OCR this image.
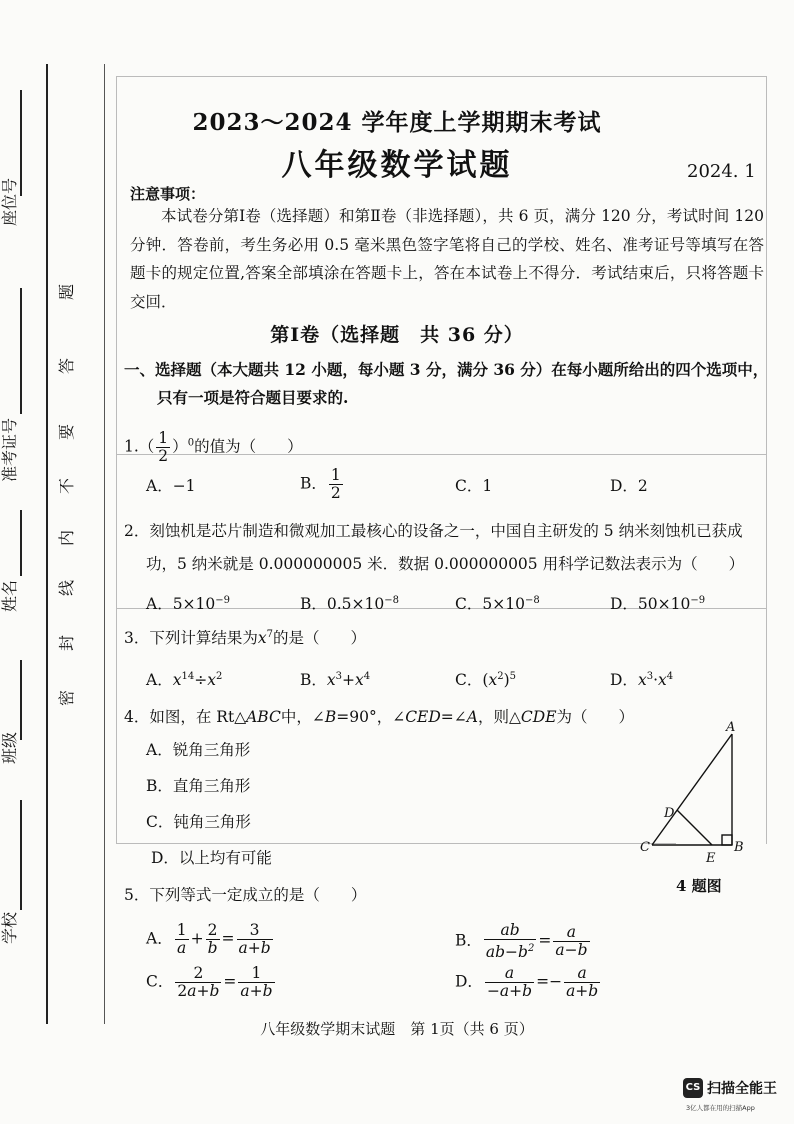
座位号
准考证号
姓名
班级
学校
密
封
线
内
不
要
答
题
2023～2024 学年度上学期期末考试
八年级数学试题	2024. 1
注意事项：
本试卷分第Ⅰ卷（选择题）和第Ⅱ卷（非选择题），共 6 页，满分 120 分，考试时间 120 分钟．答卷前，考生务必用 0.5 毫米黑色签字笔将自己的学校、姓名、准考证号等填写在答题卡的规定位置,答案全部填涂在答题卡上，答在本试卷上不得分．考试结束后，只将答题卡交回．
第Ⅰ卷（选择题　共 36 分）
一、选择题（本大题共 12 小题，每小题 3 分，满分 36 分）在每小题所给出的四个选项中，
只有一项是符合题目要求的.
$1.( \frac{1}{2} )^0$的值为（　　）
A．−1	B． $\frac{1}{2}$	C．1	D．2
2．刻蚀机是芯片制造和微观加工最核心的设备之一，中国自主研发的 5 纳米刻蚀机已获成
功，5 纳米就是 0.000000005 米．数据 0.000000005 用科学记数法表示为（　　）
A．$5\times 10^{-9}$	B．$0.5\times 10^{-8}$	C．$5\times 10^{-8}$	D．$50\times 10^{-9}$
3．下列计算结果为$x^7$的是（　　）
A．$x^{14}\div x^2$	B．$x^3+x^4$	C．$(x^2)^5$	D．$x^3\cdot x^4$
4．如图，在 Rt△ABC中，∠B=90°，∠CED=∠A，则△CDE为（　　）
A．锐角三角形
B．直角三角形
C．钝角三角形
D．以上均有可能
A
B
C
D
E
4 题图
5．下列等式一定成立的是（　　）
A． $\frac{1}{a} + \frac{2}{b} = \frac{3}{a+b}$	B． $\frac{ab}{ab-b^2} = \frac{a}{a-b}$
C． $\frac{2}{2a+b} = \frac{1}{a+b}$	D． $\frac{a}{-a+b} =- \frac{a}{a+b}$
八年级数学期末试题　第 1页（共 6 页）
CS 扫描全能王
3亿人都在用的扫描App
